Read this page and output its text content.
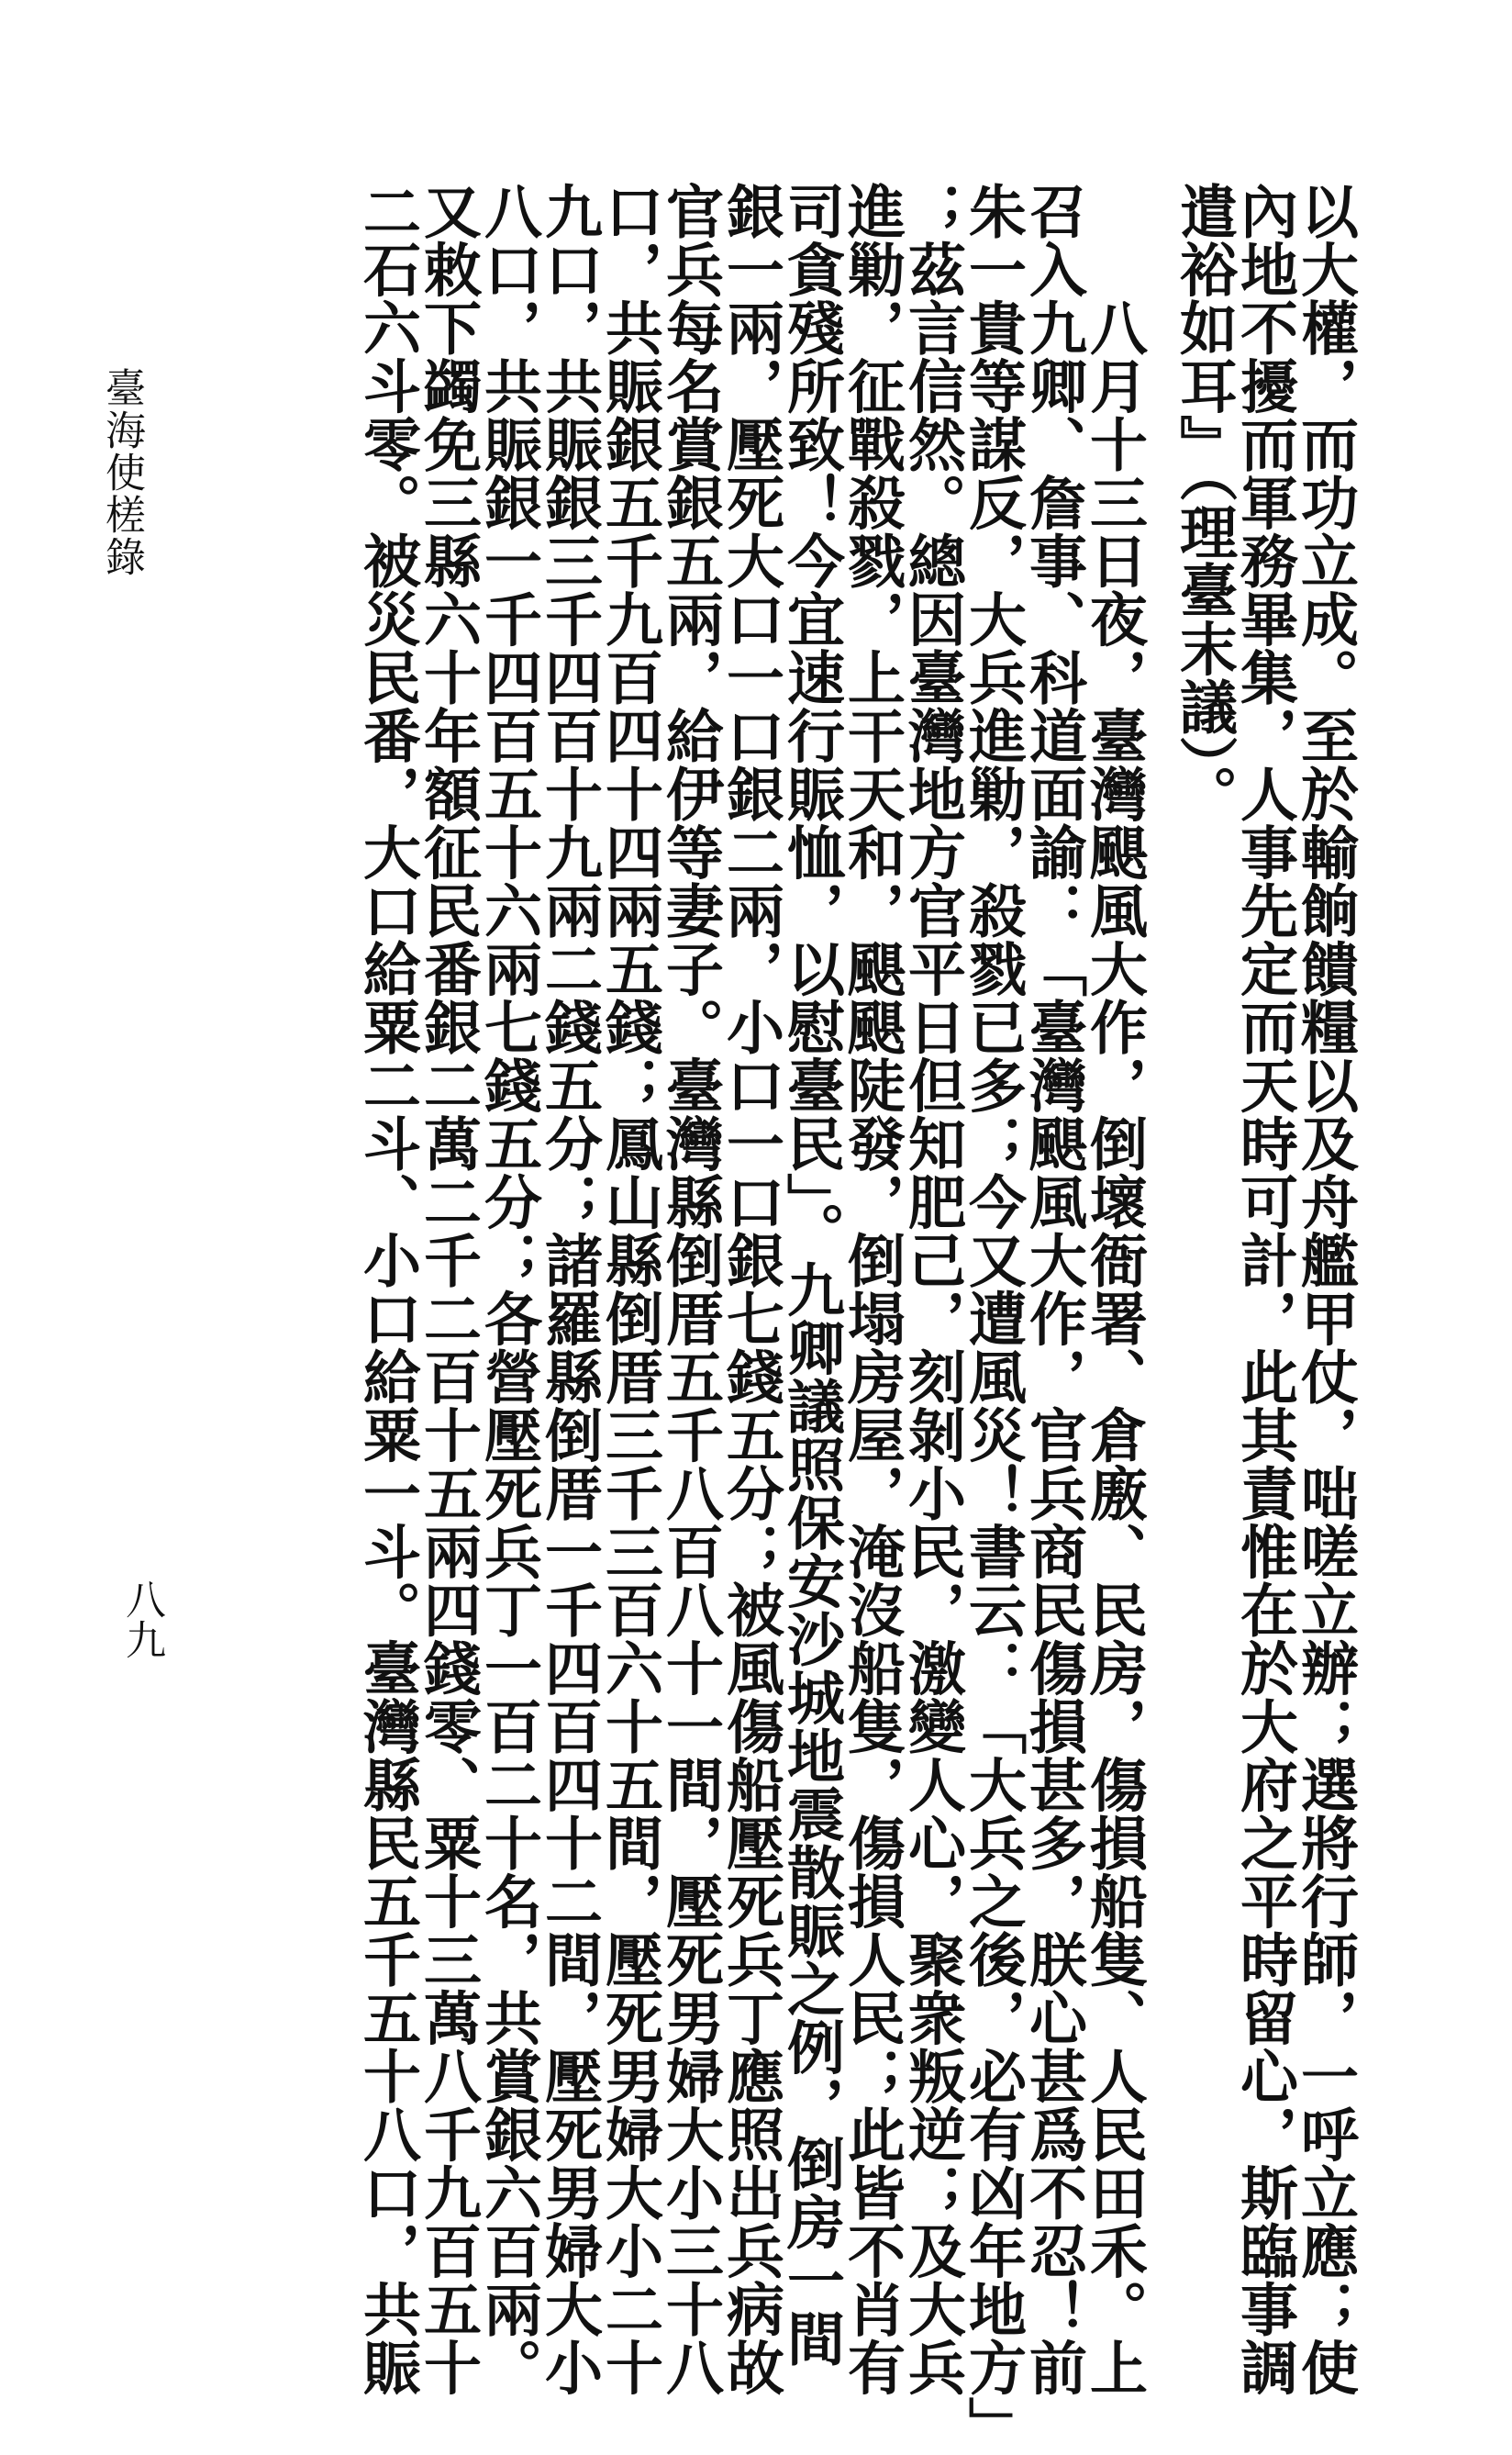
以大權，而功立成。至於輸餉饋糧以及舟艦甲仗，咄嗟立辦；選將行師，一呼立應；使
內地不擾而軍務畢集，人事先定而天時可計，此其責惟在於大府之平時留心，斯臨事調
遣裕如耳』（理臺末議）。
　　八月十三日夜，臺灣颶風大作，倒壞衙署、倉廒、民房，傷損船隻、人民田禾。上
召入九卿、詹事、科道面諭：「臺灣颶風大作，官兵商民傷損甚多，朕心甚爲不忍！前
朱一貴等謀反，大兵進勦，殺戮已多；今又遭風災！書云：「大兵之後，必有凶年地方」
；茲言信然。總因臺灣地方官平日但知肥己，刻剝小民，激變人心，聚衆叛逆；及大兵
進勦，征戰殺戮，上干天和，颶颶陡發，倒塌房屋，淹沒船隻，傷損人民；此皆不肖有
司貪殘所致！今宜速行賑恤，以慰臺民」。九卿議照保安沙城地震散賑之例，倒房一間
銀一兩，壓死大口一口銀二兩，小口一口銀七錢五分；被風傷船壓死兵丁應照出兵病故
官兵每名賞銀五兩，給伊等妻子。臺灣縣倒厝五千八百八十一間，壓死男婦大小三十八
口，共賑銀五千九百四十四兩五錢；鳳山縣倒厝三千三百六十五間，壓死男婦大小二十
九口，共賑銀三千四百十九兩二錢五分；諸羅縣倒厝一千四百四十二間，壓死男婦大小
八口，共賑銀一千四百五十六兩七錢五分；各營壓死兵丁一百二十名，共賞銀六百兩。
又敕下蠲免三縣六十年額征民番銀二萬二千二百十五兩四錢零、粟十三萬八千九百五十
二石六斗零。被災民番，大口給粟二斗、小口給粟一斗。臺灣縣民五千五十八口，共賑
臺海使槎錄
八九
